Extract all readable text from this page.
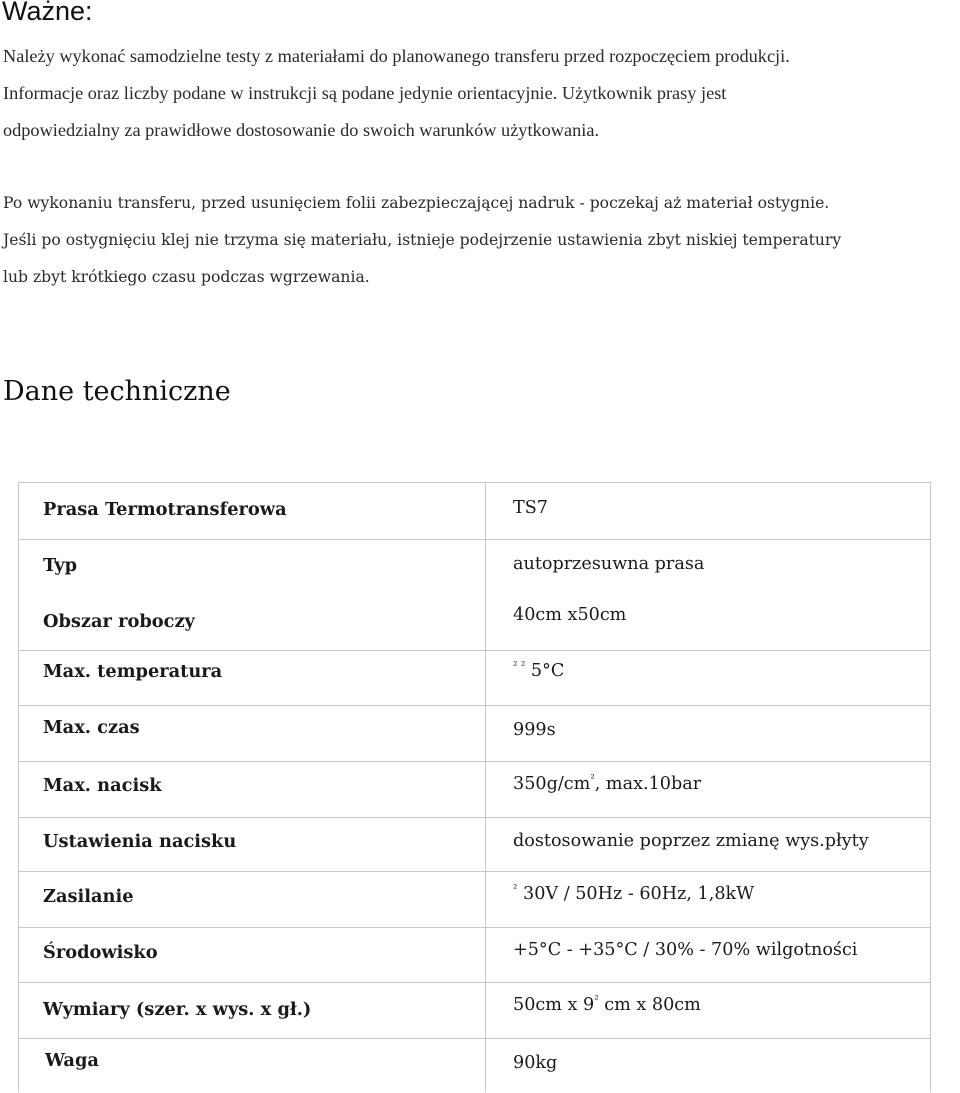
Ważne:
Należy wykonać samodzielne testy z materiałami do planowanego transferu przed rozpoczęciem produkcji.
Informacje oraz liczby podane w instrukcji są podane jedynie orientacyjnie. Użytkownik prasy jest
odpowiedzialny za prawidłowe dostosowanie do swoich warunków użytkowania.
Po wykonaniu transferu, przed usunięciem folii zabezpieczającej nadruk - poczekaj aż materiał ostygnie.
Jeśli po ostygnięciu klej nie trzyma się materiału, istnieje podejrzenie ustawienia zbyt niskiej temperatury
lub zbyt krótkiego czasu podczas wgrzewania.
Dane techniczne
Prasa Termotransferowa	TS7
Typ	autoprzesuwna prasa
Obszar roboczy	40cm x50cm
Max. temperatura	$^{^2 ^2}$ 5°C
Max. czas	999s
Max. nacisk	$350g/cm^{^2}$, max.10bar
Ustawienia nacisku	dostosowanie poprzez zmianę wys.płyty
Zasilanie	$^{^2}$ 30V / 50Hz - 60Hz, 1,8kW
Środowisko	+5°C - +35°C / 30% - 70% wilgotności
Wymiary (szer. x wys. x gł.)	50cm x $9^{^2}$ cm x 80cm
Waga	90kg
